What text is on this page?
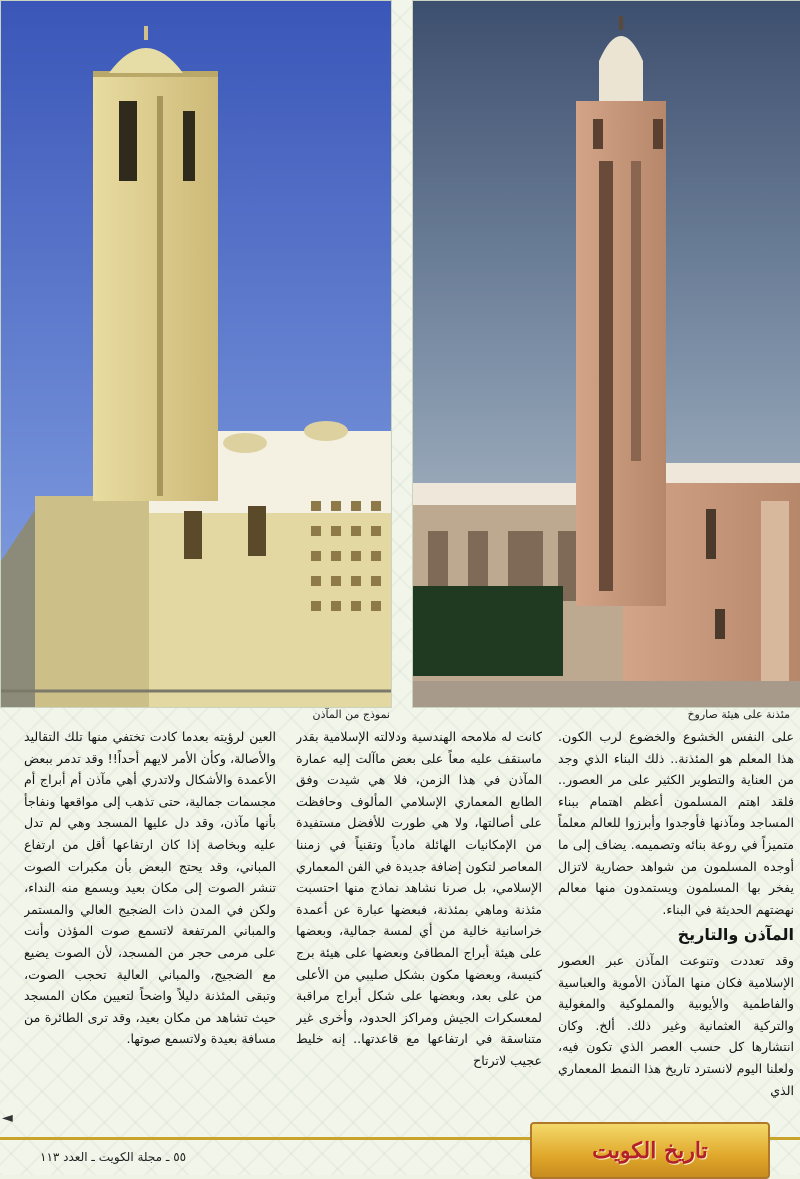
نموذج من المآذن	مئذنة على هيئة صاروخ

على النفس الخشوع والخضوع لرب الكون. هذا المعلم هو المئذنة.. ذلك البناء الذي وجد من العناية والتطوير الكثير على مر العصور.. فلقد اهتم المسلمون أعظم اهتمام ببناء المساجد ومآذنها فأوجدوا وأبرزوا للعالم معلماً متميزاً في روعة بنائه وتصميمه. يضاف إلى ما أوجده المسلمون من شواهد حضارية لاتزال يفخر بها المسلمون ويستمدون منها معالم نهضتهم الحديثة في البناء.

المآذن والتاريخ

وقد تعددت وتنوعت المآذن عبر العصور الإسلامية فكان منها المآذن الأموية والعباسية والفاطمية والأيوبية والمملوكية والمغولية والتركية العثمانية وغير ذلك. ألخ. وكان انتشارها كل حسب العصر الذي تكون فيه، ولعلنا اليوم لانسترد تاريخ هذا النمط المعماري الذي

كانت له ملامحه الهندسية ودلالته الإسلامية بقدر ماسنقف عليه معاً على بعض ماآلت إليه عمارة المآذن في هذا الزمن، فلا هي شيدت وفق الطابع المعماري الإسلامي المألوف وحافظت على أصالتها، ولا هي طورت للأفضل مستفيدة من الإمكانيات الهائلة مادياً وتقنياً في زمننا المعاصر لتكون إضافة جديدة في الفن المعماري الإسلامي، بل صرنا نشاهد نماذج منها احتسبت مئذنة وماهي بمئذنة، فبعضها عبارة عن أعمدة خراسانية خالية من أي لمسة جمالية، وبعضها على هيئة أبراج المطافئ وبعضها على هيئة برج كنيسة، وبعضها مكون بشكل صليبي من الأعلى من على بعد، وبعضها على شكل أبراج مراقبة لمعسكرات الجيش ومراكز الحدود، وأخرى غير متناسقة في ارتفاعها مع قاعدتها.. إنه خليط عجيب لاترتاح

العين لرؤيته بعدما كادت تختفي منها تلك التقاليد والأصالة، وكأن الأمر لايهم أحداً!! وقد تدمر ببعض الأعمدة والأشكال ولاتدري أهي مآذن أم أبراج أم مجسمات جمالية، حتى تذهب إلى مواقعها ونفاجأ بأنها مآذن، وقد دل عليها المسجد وهي لم تدل عليه وبخاصة إذا كان ارتفاعها أقل من ارتفاع المباني، وقد يحتج البعض بأن مكبرات الصوت تنشر الصوت إلى مكان بعيد ويسمع منه النداء، ولكن في المدن ذات الضجيج العالي والمستمر والمباني المرتفعة لاتسمع صوت المؤذن وأنت على مرمى حجر من المسجد، لأن الصوت يضيع مع الضجيج، والمباني العالية تحجب الصوت، وتبقى المئذنة دليلاً واضحاً لتعيين مكان المسجد حيث تشاهد من مكان بعيد، وقد ترى الطائرة من مسافة بعيدة ولاتسمع صوتها.

◄
٥٥ ـ مجلة الكويت ـ العدد ١١٣	تاريخ الكويت
